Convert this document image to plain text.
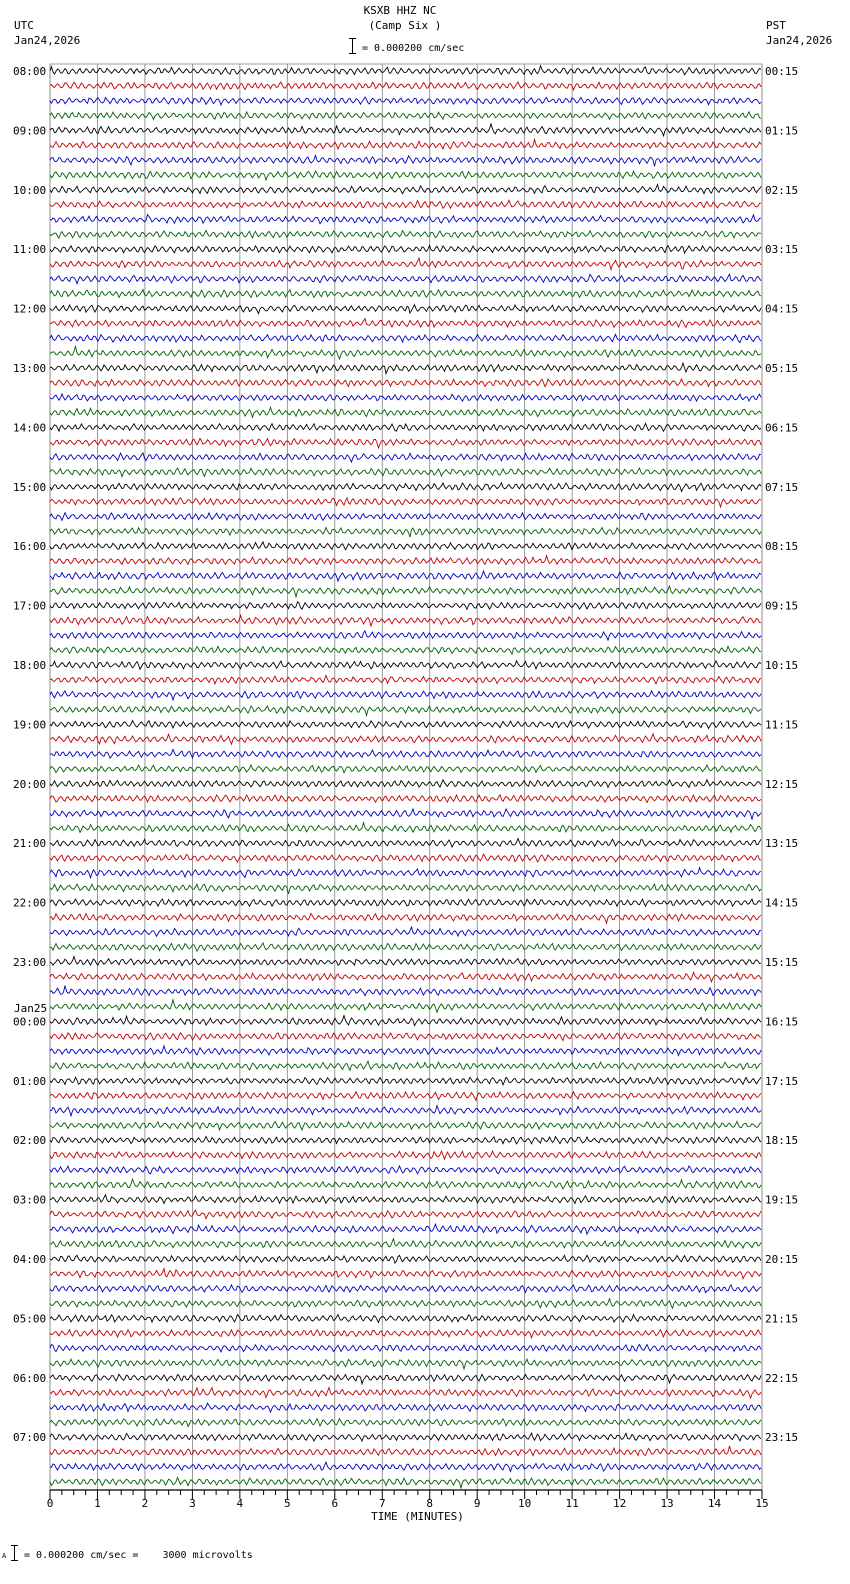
0	1	2	3	4	5	6	7	8	9	10	11	12	13	14	15
08:00
09:00
10:00
11:00
12:00
13:00
14:00
15:00
16:00
17:00
18:00
19:00
20:00
21:00
22:00
23:00
00:00
01:00
02:00
03:00
04:00
05:00
06:00
07:00
00:15
01:15
02:15
03:15
04:15
05:15
06:15
07:15
08:15
09:15
10:15
11:15
12:15
13:15
14:15
15:15
16:15
17:15
18:15
19:15
20:15
21:15
22:15
23:15
KSXB HHZ NC
(Camp Six )
= 0.000200 cm/sec
UTC
Jan24,2026
PST
Jan24,2026
Jan25
TIME (MINUTES)
A = 0.000200 cm/sec =    3000 microvolts
